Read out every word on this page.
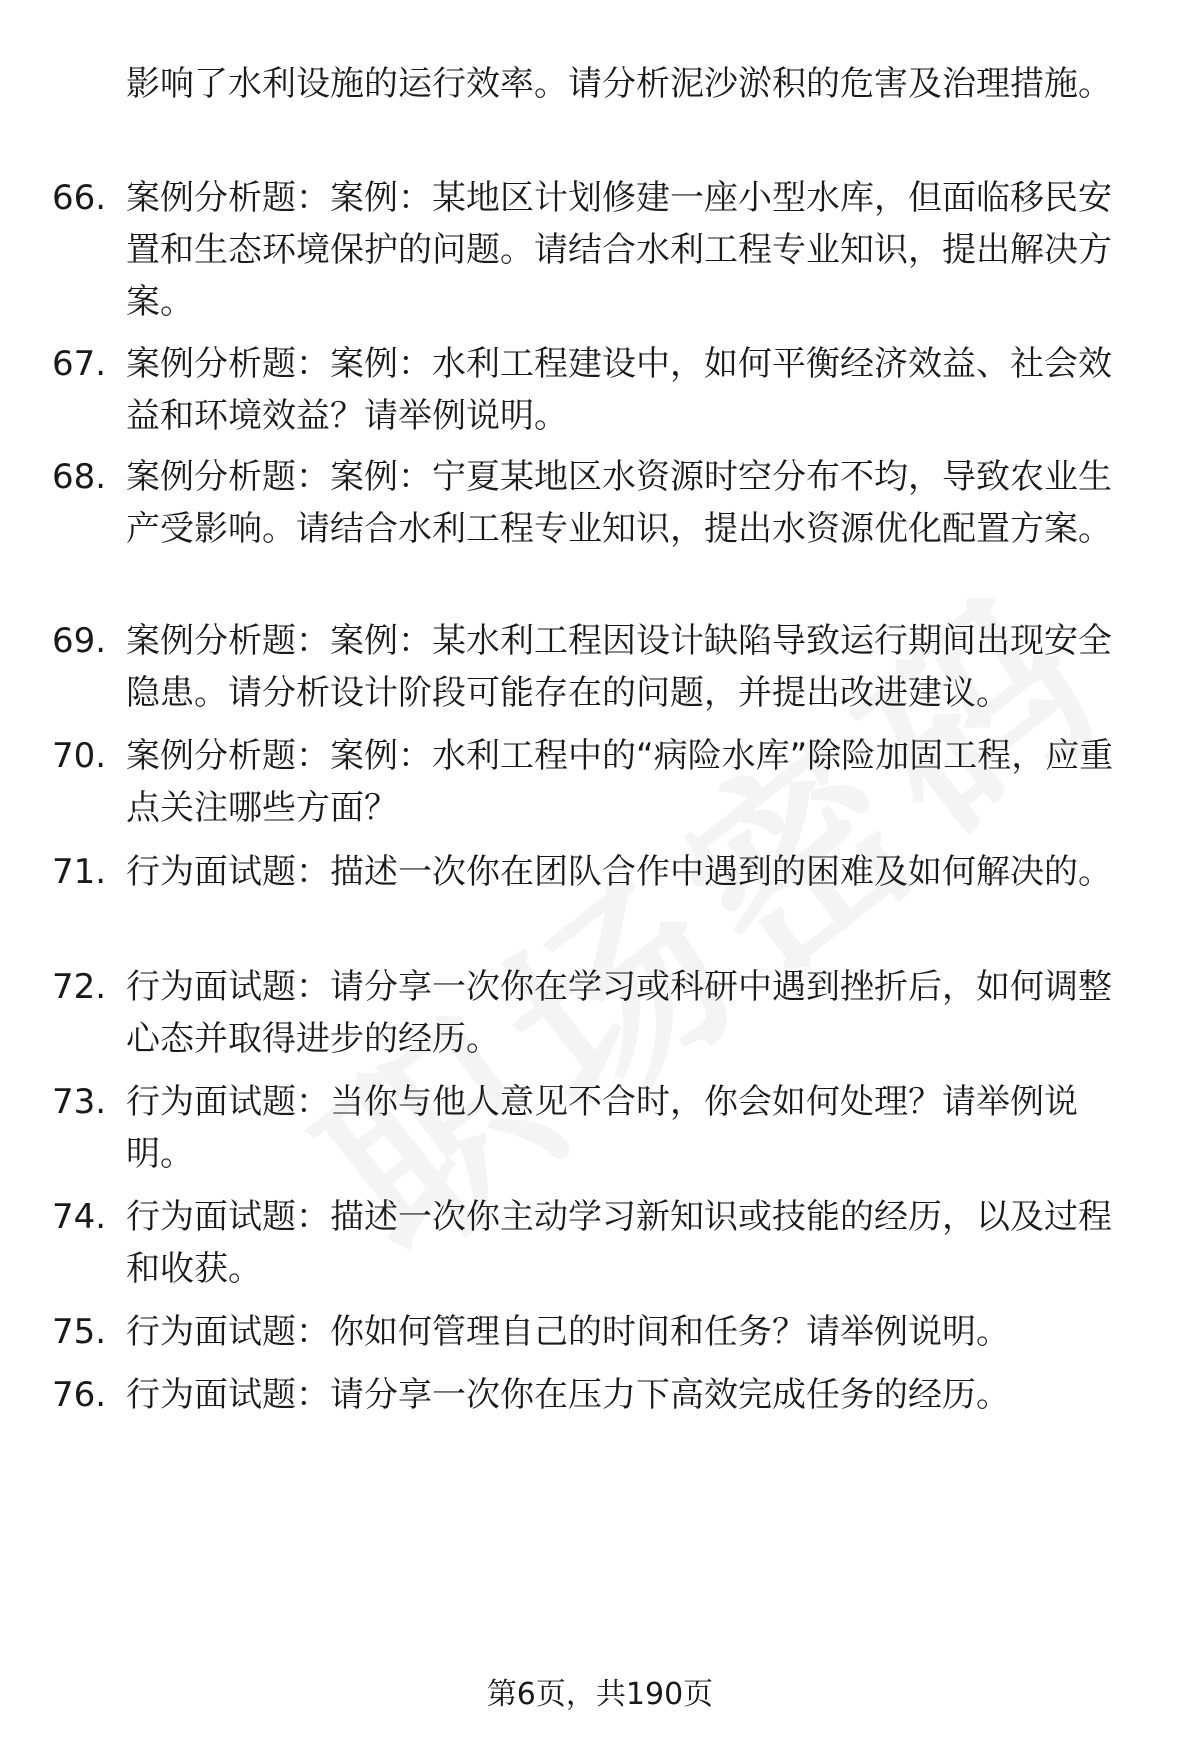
影响了水利设施的运行效率。请分析泥沙淤积的危害及治理措施。
66. 案例分析题：案例：某地区计划修建一座小型水库，但面临移民安置和生态环境保护的问题。请结合水利工程专业知识，提出解决方案。
67. 案例分析题：案例：水利工程建设中，如何平衡经济效益、社会效益和环境效益？请举例说明。
68. 案例分析题：案例：宁夏某地区水资源时空分布不均，导致农业生产受影响。请结合水利工程专业知识，提出水资源优化配置方案。
69. 案例分析题：案例：某水利工程因设计缺陷导致运行期间出现安全隐患。请分析设计阶段可能存在的问题，并提出改进建议。
70. 案例分析题：案例：水利工程中的“病险水库”除险加固工程，应重点关注哪些方面？
71. 行为面试题：描述一次你在团队合作中遇到的困难及如何解决的。
72. 行为面试题：请分享一次你在学习或科研中遇到挫折后，如何调整心态并取得进步的经历。
73. 行为面试题：当你与他人意见不合时，你会如何处理？请举例说明。
74. 行为面试题：描述一次你主动学习新知识或技能的经历，以及过程和收获。
75. 行为面试题：你如何管理自己的时间和任务？请举例说明。
76. 行为面试题：请分享一次你在压力下高效完成任务的经历。
第6页，共190页
